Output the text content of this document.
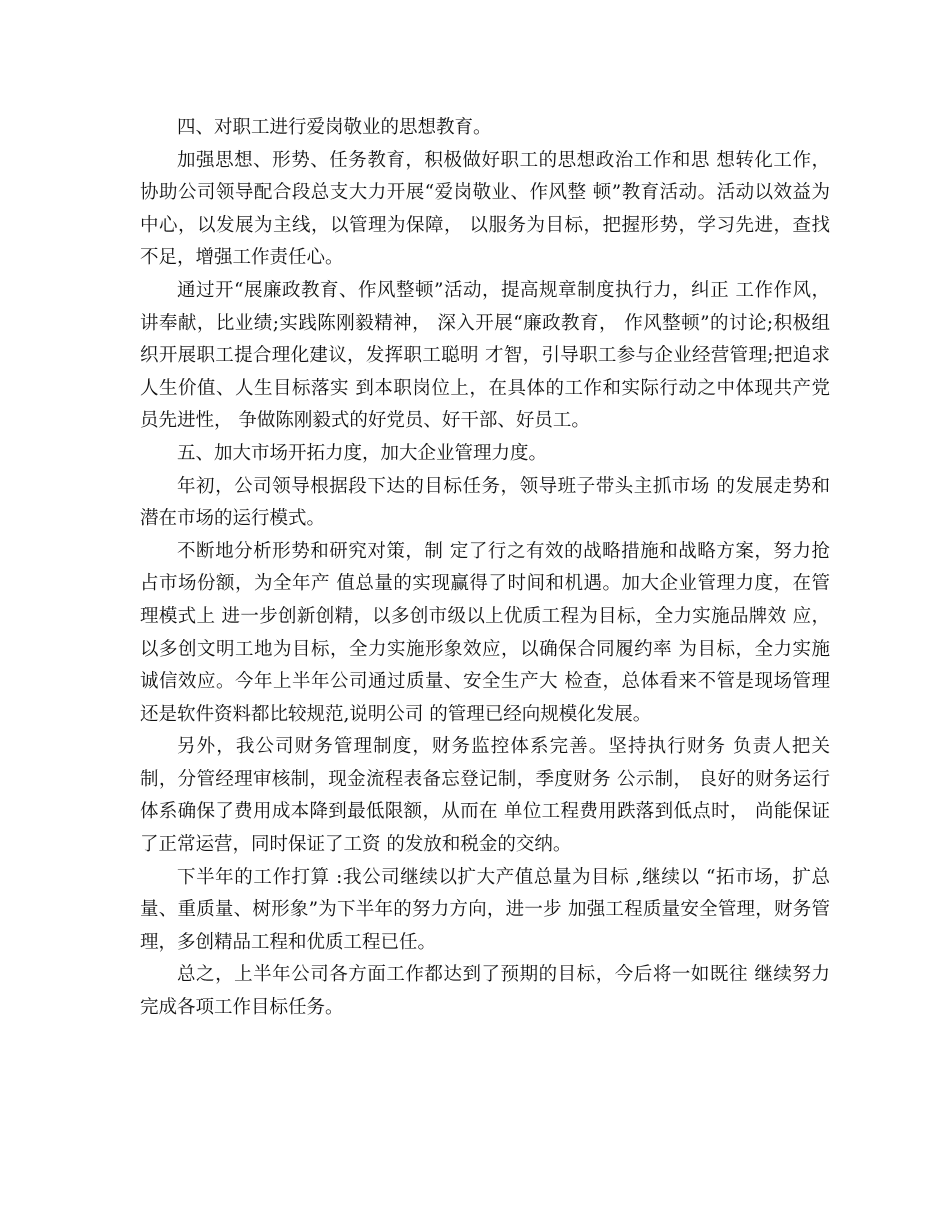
四、对职工进行爱岗敬业的思想教育。

加强思想、形势、任务教育，积极做好职工的思想政治工作和思 想转化工作，协助公司领导配合段总支大力开展“爱岗敬业、作风整 顿”教育活动。活动以效益为中心，以发展为主线，以管理为保障， 以服务为目标，把握形势，学习先进，查找不足，增强工作责任心。

通过开“展廉政教育、作风整顿”活动，提高规章制度执行力，纠正 工作作风，讲奉献，比业绩;实践陈刚毅精神， 深入开展“廉政教育， 作风整顿”的讨论;积极组织开展职工提合理化建议，发挥职工聪明 才智，引导职工参与企业经营管理;把追求人生价值、人生目标落实 到本职岗位上，在具体的工作和实际行动之中体现共产党员先进性， 争做陈刚毅式的好党员、好干部、好员工。

五、加大市场开拓力度，加大企业管理力度。

年初，公司领导根据段下达的目标任务，领导班子带头主抓市场 的发展走势和潜在市场的运行模式。

不断地分析形势和研究对策，制 定了行之有效的战略措施和战略方案，努力抢占市场份额，为全年产 值总量的实现赢得了时间和机遇。加大企业管理力度，在管理模式上 进一步创新创精，以多创市级以上优质工程为目标，全力实施品牌效 应，以多创文明工地为目标，全力实施形象效应，以确保合同履约率 为目标，全力实施诚信效应。今年上半年公司通过质量、安全生产大 检查，总体看来不管是现场管理还是软件资料都比较规范,说明公司 的管理已经向规模化发展。

另外，我公司财务管理制度，财务监控体系完善。坚持执行财务 负责人把关制，分管经理审核制，现金流程表备忘登记制，季度财务 公示制， 良好的财务运行体系确保了费用成本降到最低限额，从而在 单位工程费用跌落到低点时， 尚能保证了正常运营，同时保证了工资 的发放和税金的交纳。

下半年的工作打算 :我公司继续以扩大产值总量为目标 ,继续以 “拓市场，扩总量、重质量、树形象”为下半年的努力方向，进一步 加强工程质量安全管理，财务管理，多创精品工程和优质工程已任。

总之，上半年公司各方面工作都达到了预期的目标，今后将一如既往 继续努力完成各项工作目标任务。
